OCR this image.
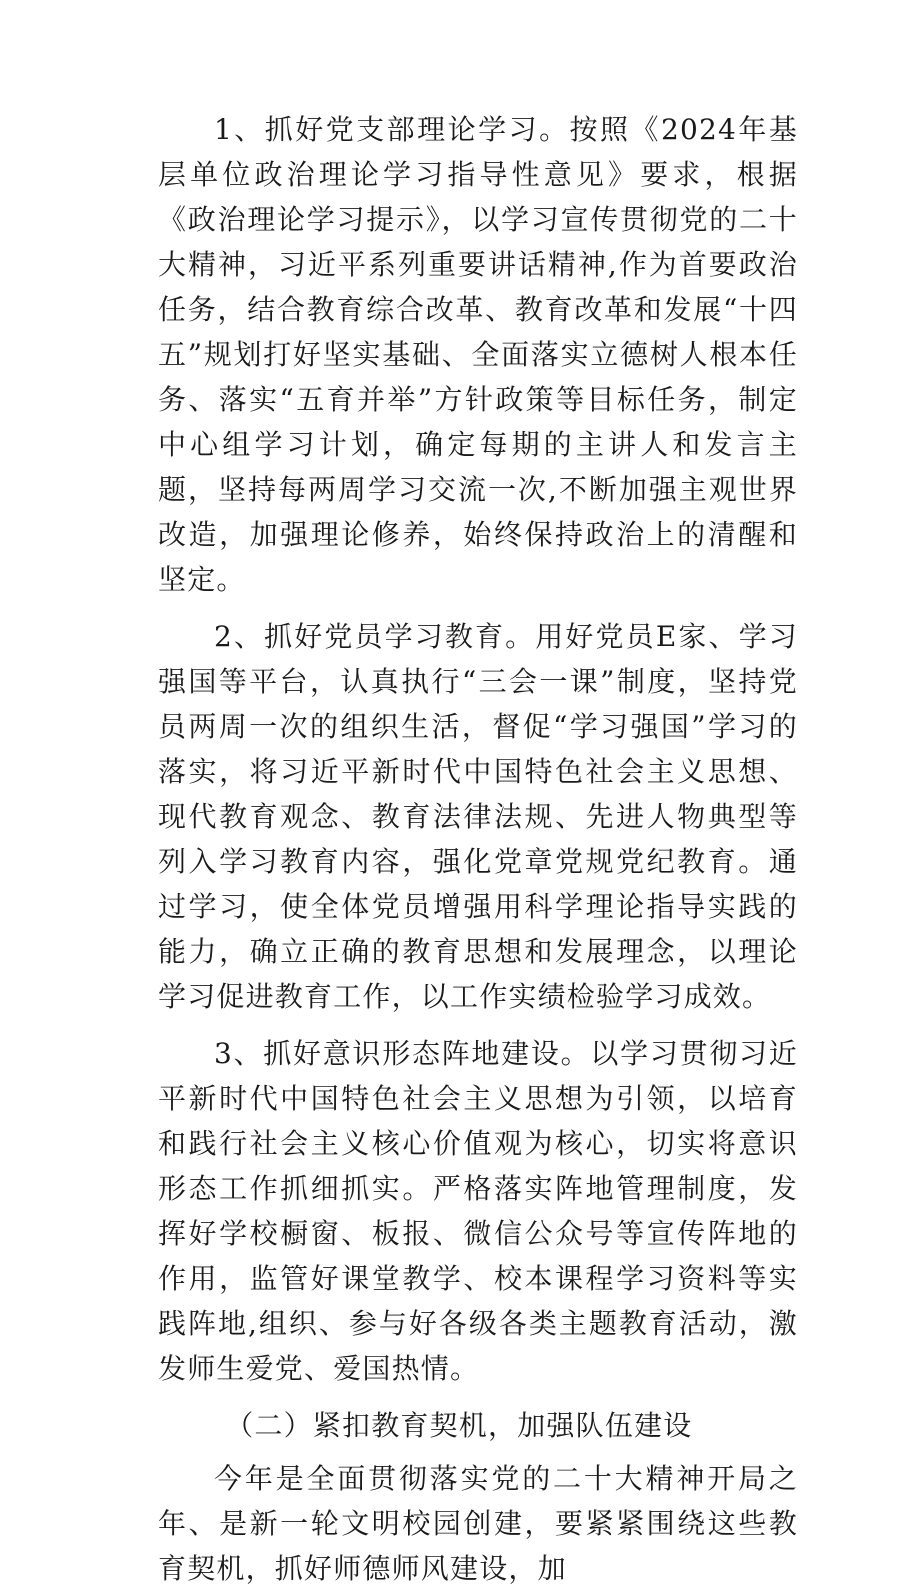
1、抓好党支部理论学习。按照《2024年基层单位政治理论学习指导性意见》要求，根据《政治理论学习提示》，以学习宣传贯彻党的二十大精神，习近平系列重要讲话精神,作为首要政治任务，结合教育综合改革、教育改革和发展“十四五”规划打好坚实基础、全面落实立德树人根本任务、落实“五育并举”方针政策等目标任务，制定中心组学习计划，确定每期的主讲人和发言主题，坚持每两周学习交流一次,不断加强主观世界改造，加强理论修养，始终保持政治上的清醒和坚定。

2、抓好党员学习教育。用好党员E家、学习强国等平台，认真执行“三会一课”制度，坚持党员两周一次的组织生活，督促“学习强国”学习的落实，将习近平新时代中国特色社会主义思想、现代教育观念、教育法律法规、先进人物典型等列入学习教育内容，强化党章党规党纪教育。通过学习，使全体党员增强用科学理论指导实践的能力，确立正确的教育思想和发展理念，以理论学习促进教育工作，以工作实绩检验学习成效。

3、抓好意识形态阵地建设。以学习贯彻习近平新时代中国特色社会主义思想为引领，以培育和践行社会主义核心价值观为核心，切实将意识形态工作抓细抓实。严格落实阵地管理制度，发挥好学校橱窗、板报、微信公众号等宣传阵地的作用，监管好课堂教学、校本课程学习资料等实践阵地,组织、参与好各级各类主题教育活动，激发师生爱党、爱国热情。

（二）紧扣教育契机，加强队伍建设

今年是全面贯彻落实党的二十大精神开局之年、是新一轮文明校园创建，要紧紧围绕这些教育契机，抓好师德师风建设，加
